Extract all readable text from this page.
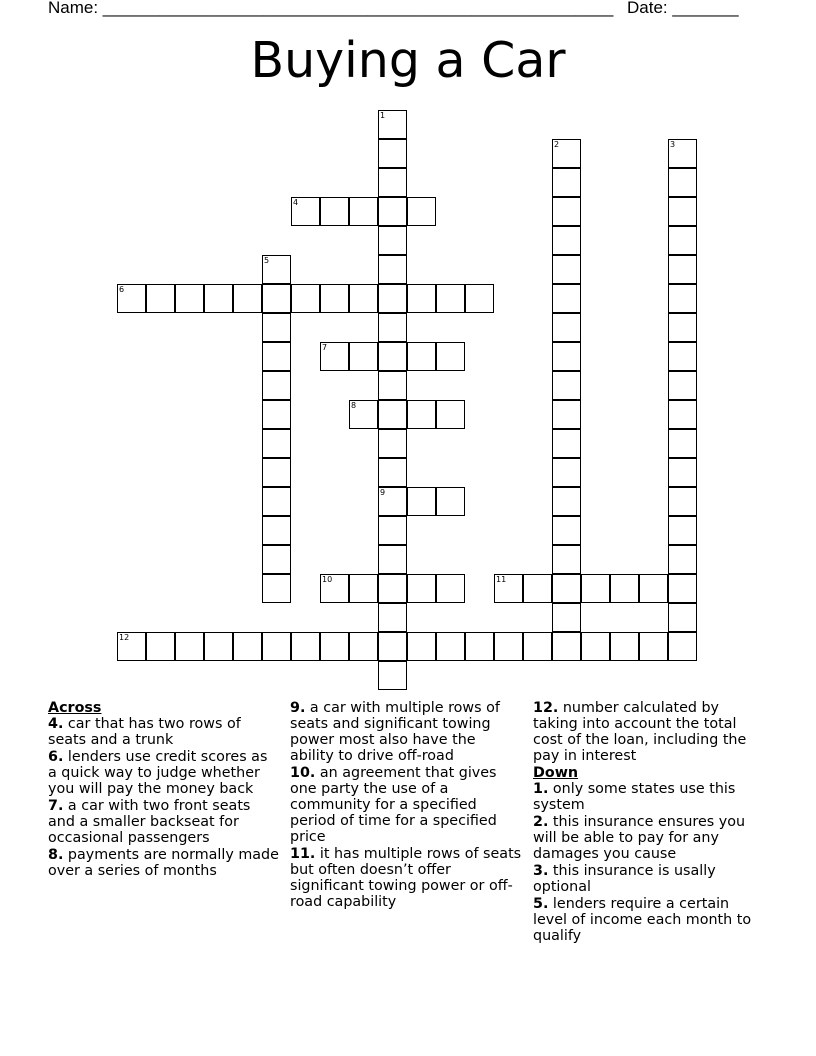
Name: ______________________________________________________ Date: _______
Buying a Car
1
9
2	3
4
5
6
7
8
10	11
12
Across
4. car that has two rows of seats and a trunk
6. lenders use credit scores as a quick way to judge whether you will pay the money back
7. a car with two front seats and a smaller backseat for occasional passengers
8. payments are normally made over a series of months
9. a car with multiple rows of seats and significant towing power most also have the ability to drive off-road
10. an agreement that gives one party the use of a community for a specified period of time for a specified price
11. it has multiple rows of seats but often doesn’t offer significant towing power or off-road capability
12. number calculated by taking into account the total cost of the loan, including the pay in interest
Down
1. only some states use this system
2. this insurance ensures you will be able to pay for any damages you cause
3. this insurance is usally optional
5. lenders require a certain level of income each month to qualify
